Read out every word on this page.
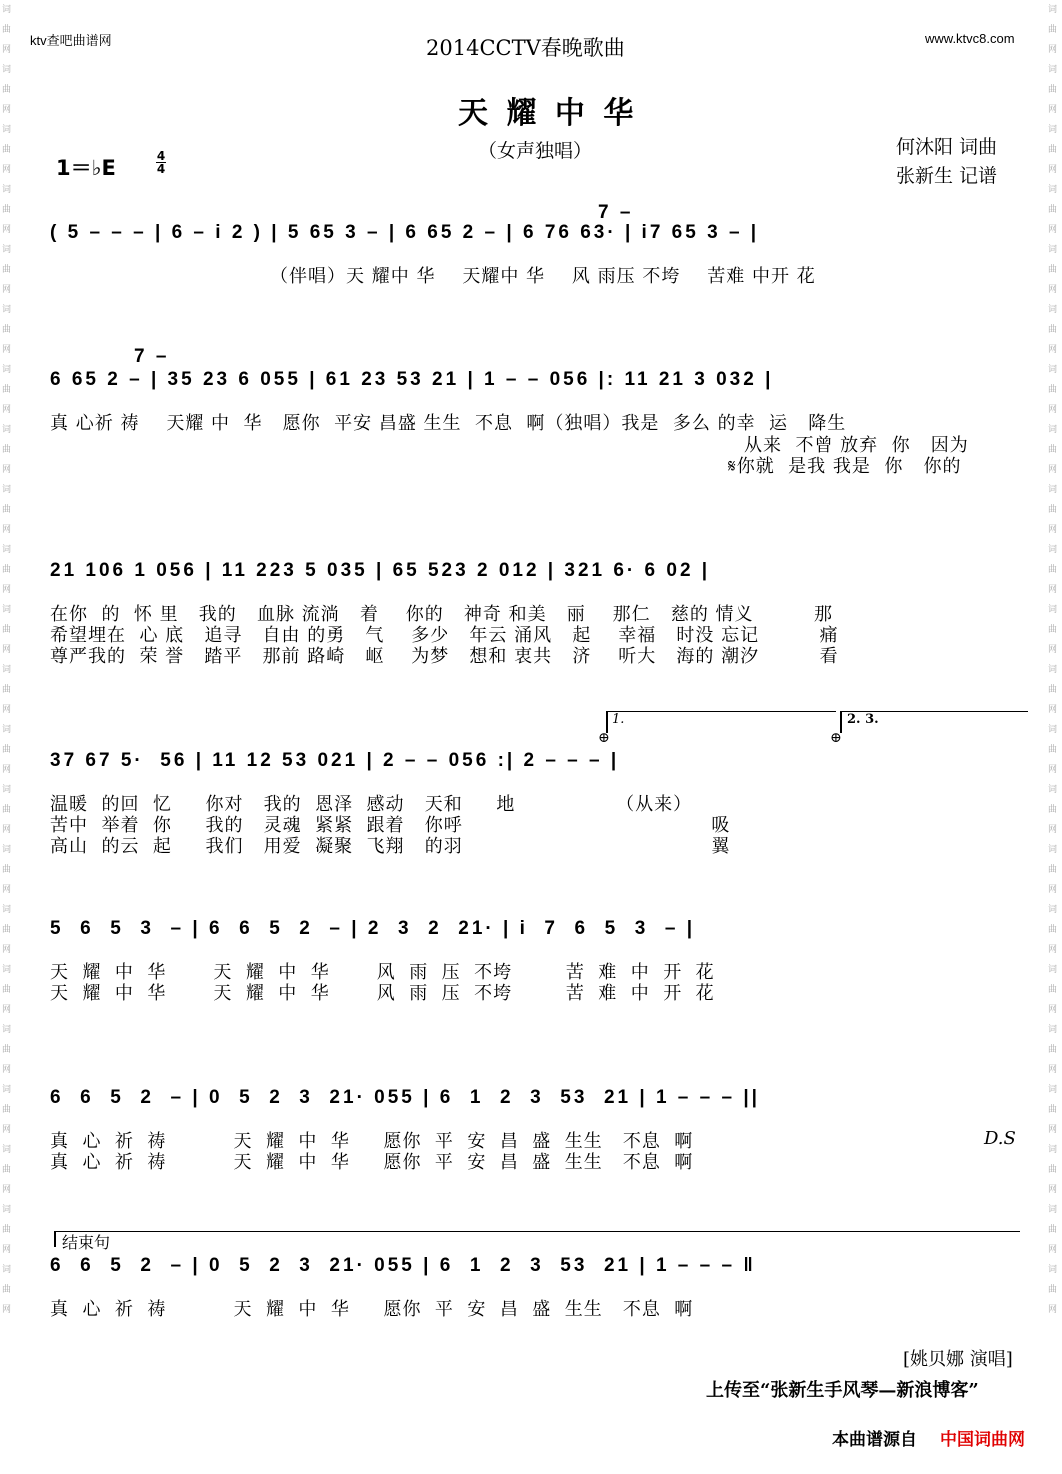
词曲网词曲网词曲网词曲网词曲网词曲网词曲网词曲网词曲网词曲网词曲网词曲网词曲网词曲网词曲网词曲网词曲网词曲网词曲网词曲网词曲网词曲网
词曲网词曲网词曲网词曲网词曲网词曲网词曲网词曲网词曲网词曲网词曲网词曲网词曲网词曲网词曲网词曲网词曲网词曲网词曲网词曲网词曲网词曲网
ktv查吧曲谱网	www.ktvc8.com
2014CCTV春晚歌曲
天 耀 中 华
（女声独唱）
1＝♭E	4
4
何沐阳 词曲
张新生 记谱
7 –
( 5 – – – | 6 – i 2 ) | 5 65 3 – | 6 65 2 – | 6 76 63· | i7 65 3 – |
（伴唱）天 耀中 华    天耀中 华    风 雨压 不垮    苦难 中开 花
7 –
6 65 2 – | 35 23 6 055 | 61 23 53 21 | 1 – – 056 |: 11 21 3 032 |
真 心祈 祷    天耀 中  华   愿你  平安 昌盛 生生  不息  啊（独唱）我是  多么 的幸  运   降生
从来  不曾 放弃  你   因为
𝄋你就  是我 我是  你   你的
21 106 1 056 | 11 223 5 035 | 65 523 2 012 | 321 6· 6 02 |
在你  的  怀 里   我的   血脉 流淌   着    你的   神奇 和美   丽    那仁   慈的 情义         那
希望埋在  心 底   追寻   自由 的勇   气    多少   年云 涌风   起    幸福   时没 忘记         痛
尊严我的  荣 誉   踏平   那前 路崎   岖    为梦   想和 衷共   济    听大   海的 潮汐         看
1.	2. 3.
⊕	⊕
37 67 5·  56 | 11 12 53 021 | 2 – – 056 :| 2 – – – |
温暖  的回  忆     你对   我的  恩泽  感动   天和     地               （从来）
苦中  举着  你     我的   灵魂  紧紧  跟着   你呼                                     吸
高山  的云  起     我们   用爱  凝聚  飞翔   的羽                                     翼
5  6  5  3  – | 6  6  5  2  – | 2  3  2  21· | i  7  6  5  3  – |
天  耀  中  华       天  耀  中  华       风  雨  压  不垮        苦  难  中  开  花
天  耀  中  华       天  耀  中  华       风  雨  压  不垮        苦  难  中  开  花
6  6  5  2  – | 0  5  2  3  21· 055 | 6  1  2  3  53  21 | 1 – – – ||
真  心  祈  祷          天  耀  中  华     愿你  平  安  昌  盛  生生   不息  啊
真  心  祈  祷          天  耀  中  华     愿你  平  安  昌  盛  生生   不息  啊
D.S
结束句
6  6  5  2  – | 0  5  2  3  21· 055 | 6  1  2  3  53  21 | 1 – – – ‖
真  心  祈  祷          天  耀  中  华     愿你  平  安  昌  盛  生生   不息  啊
[姚贝娜 演唱]
上传至“张新生手风琴—新浪博客”
本曲谱源自 中国词曲网
